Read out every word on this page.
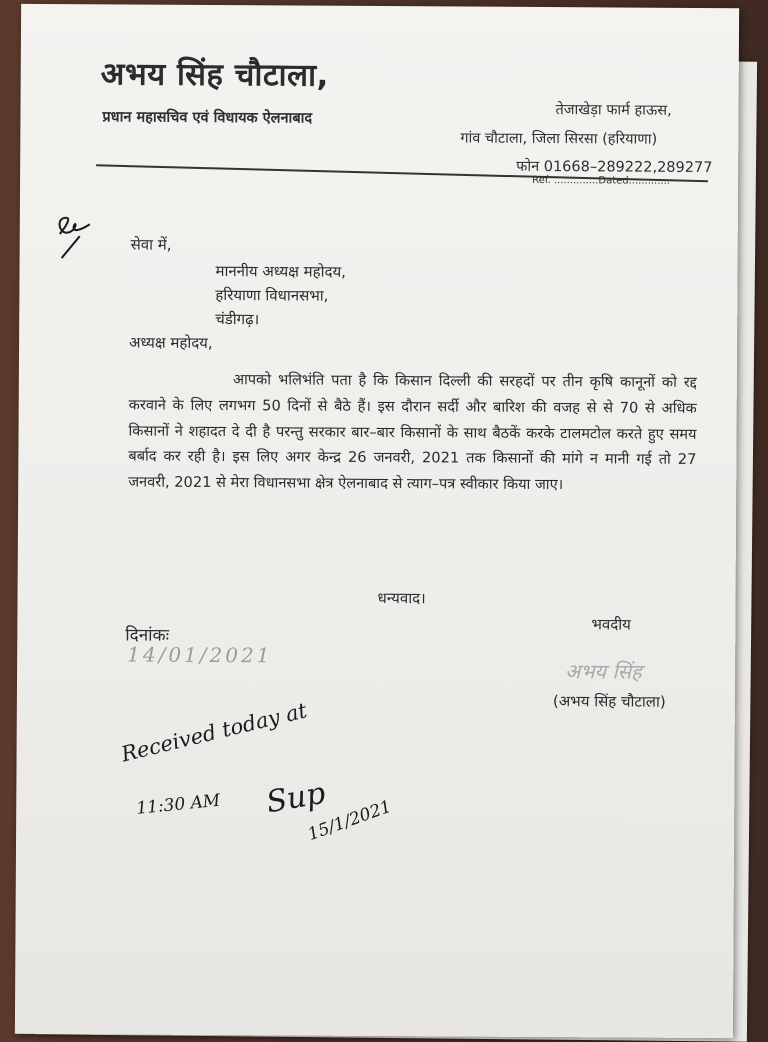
अभय सिंह चौटाला,
प्रधान महासचिव एवं विधायक ऐलनाबाद	तेजाखेड़ा फार्म हाऊस,
गांव चौटाला, जिला सिरसा (हरियाणा)
फोन 01668–289222,289277
Ref. ..............Dated.............
सेवा में,
माननीय अध्यक्ष महोदय,
हरियाणा विधानसभा,
चंडीगढ़।
अध्यक्ष महोदय,
आपको भलिभंति पता है कि किसान दिल्ली की सरहदों पर तीन कृषि कानूनों को रद्द करवाने के लिए लगभग 50 दिनों से बैठे हैं। इस दौरान सर्दी और बारिश की वजह से से 70 से अधिक किसानों ने शहादत दे दी है परन्तु सरकार बार–बार किसानों के साथ बैठकें करके टालमटोल करते हुए समय बर्बाद कर रही है। इस लिए अगर केन्द्र 26 जनवरी, 2021 तक किसानों की मांगे न मानी गई तो 27 जनवरी, 2021 से मेरा विधानसभा क्षेत्र ऐलनाबाद से त्याग–पत्र स्वीकार किया जाए।
धन्यवाद।
भवदीय
दिनांकः
14/01/2021
अभय सिंह
(अभय सिंह चौटाला)
Received today at
11:30 AM Sup
15/1/2021
